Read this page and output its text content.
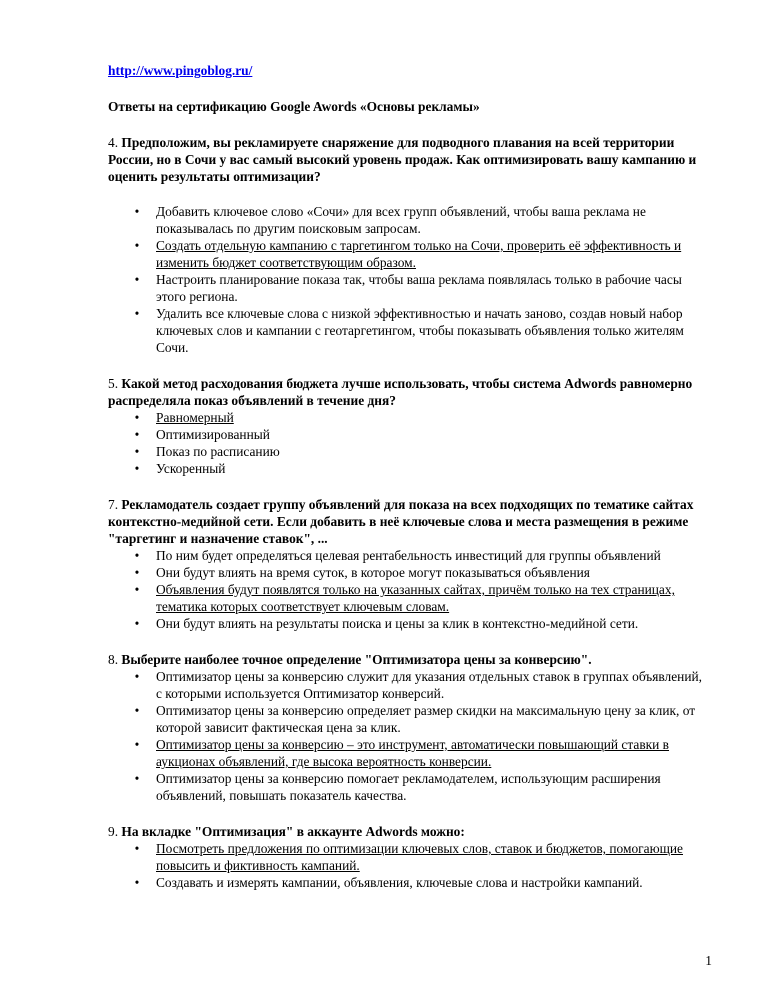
http://www.pingoblog.ru/
Ответы на сертификацию Google Awords «Основы рекламы»
4. Предположим, вы рекламируете снаряжение для подводного плавания на всей территории России, но в Сочи у вас самый высокий уровень продаж. Как оптимизировать вашу кампанию и оценить результаты оптимизации?
• Добавить ключевое слово «Сочи» для всех групп объявлений, чтобы ваша реклама не показывалась по другим поисковым запросам.
• Создать отдельную кампанию с таргетингом только на Сочи, проверить её эффективность и изменить бюджет соответствующим образом.
• Настроить планирование показа так, чтобы ваша реклама появлялась только в рабочие часы этого региона.
• Удалить все ключевые слова с низкой эффективностью и начать заново, создав новый набор ключевых слов и кампании с геотаргетингом, чтобы показывать объявления только жителям Сочи.
5. Какой метод расходования бюджета лучше использовать, чтобы система Adwords равномерно распределяла показ объявлений в течение дня?
• Равномерный
• Оптимизированный
• Показ по расписанию
• Ускоренный
7. Рекламодатель создает группу объявлений для показа на всех подходящих по тематике сайтах контекстно-медийной сети. Если добавить в неё ключевые слова и места размещения в режиме "таргетинг и назначение ставок", ...
• По ним будет определяться целевая рентабельность инвестиций для группы объявлений
• Они будут влиять на время суток, в которое могут показываться объявления
• Объявления будут появлятся только на указанных сайтах, причём только на тех страницах, тематика которых соответствует ключевым словам.
• Они будут влиять на результаты поиска и цены за клик в контекстно-медийной сети.
8. Выберите наиболее точное определение "Оптимизатора цены за конверсию".
• Оптимизатор цены за конверсию служит для указания отдельных ставок в группах объявлений, с которыми используется Оптимизатор конверсий.
• Оптимизатор цены за конверсию определяет размер скидки на максимальную цену за клик, от которой зависит фактическая цена за клик.
• Оптимизатор цены за конверсию – это инструмент, автоматически повышающий ставки в аукционах объявлений, где высока вероятность конверсии.
• Оптимизатор цены за конверсию помогает рекламодателем, использующим расширения объявлений, повышать показатель качества.
9. На вкладке "Оптимизация" в аккаунте Adwords можно:
• Посмотреть предложения по оптимизации ключевых слов, ставок и бюджетов, помогающие повысить и фиктивность кампаний.
• Создавать и измерять кампании, объявления, ключевые слова и настройки кампаний.
1
